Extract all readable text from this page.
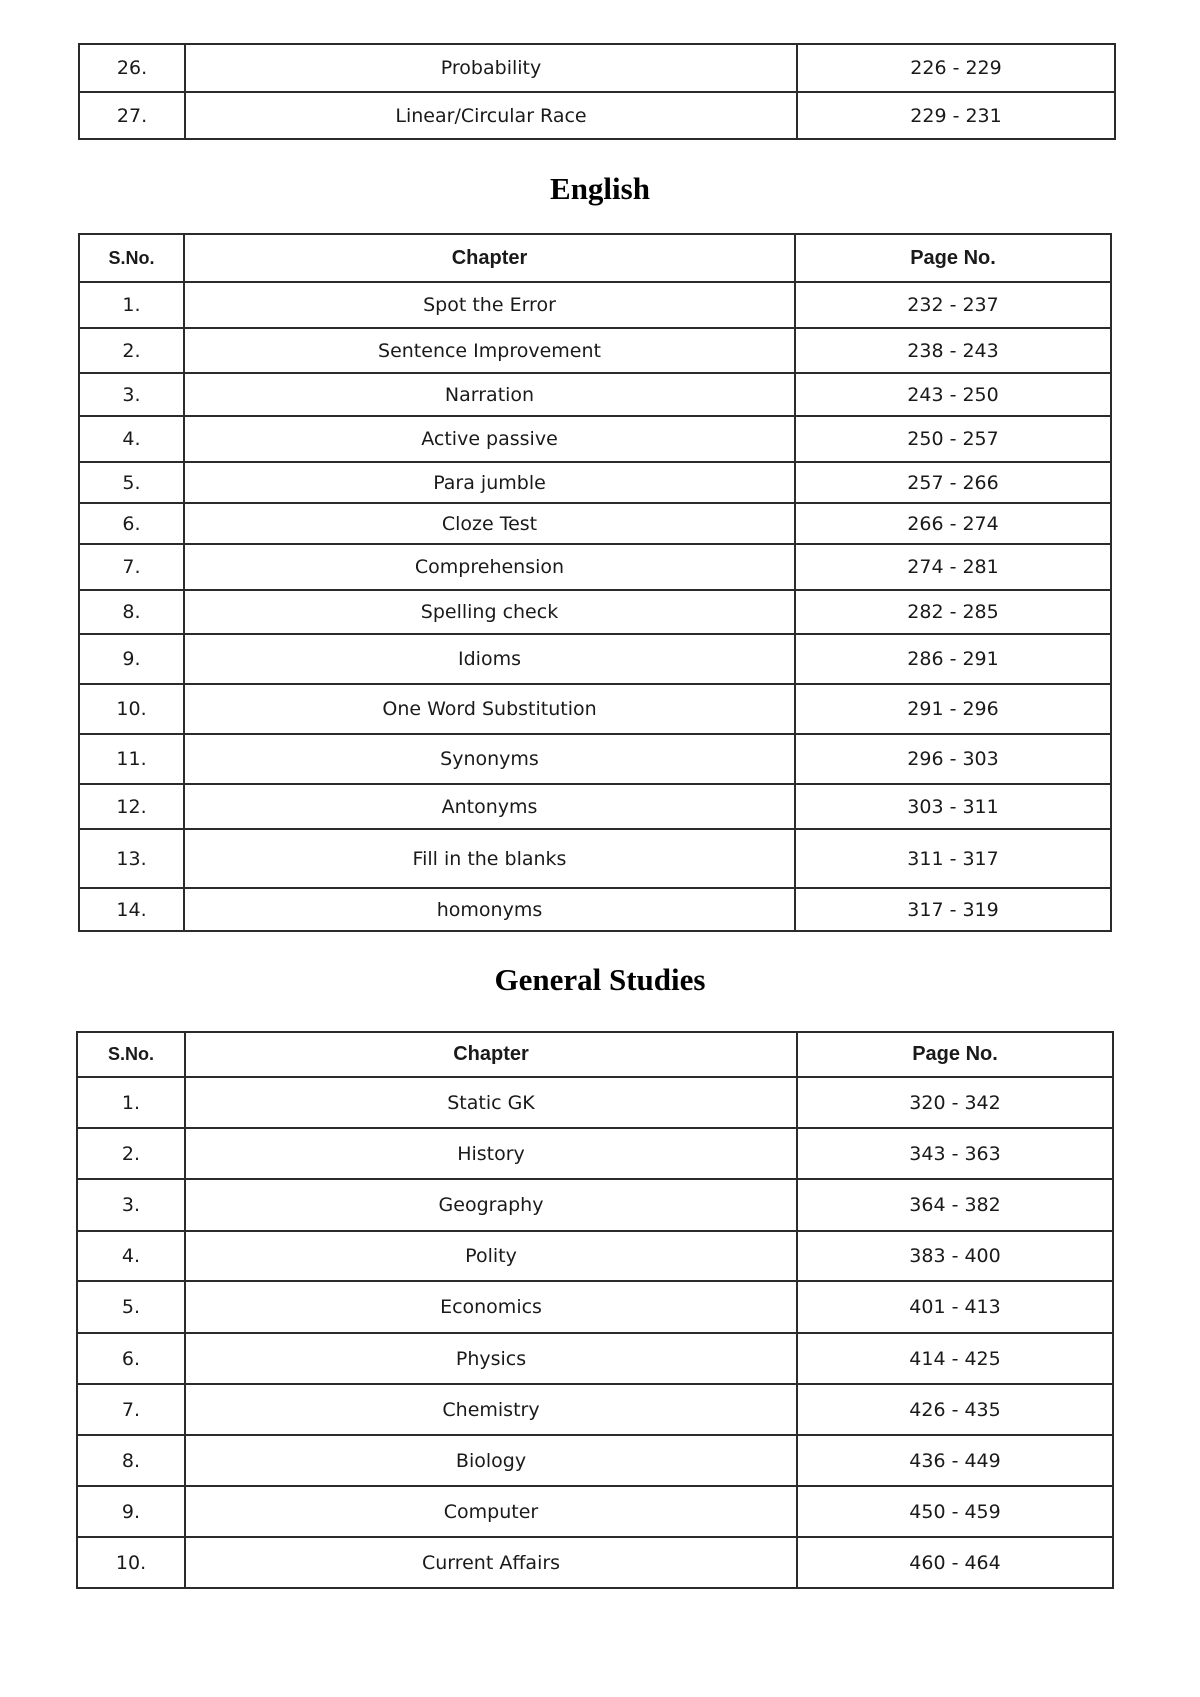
26.	Probability	226 - 229
27.	Linear/Circular Race	229 - 231
English
S.No.	Chapter	Page No.
1.	Spot the Error	232 - 237
2.	Sentence Improvement	238 - 243
3.	Narration	243 - 250
4.	Active passive	250 - 257
5.	Para jumble	257 - 266
6.	Cloze Test	266 - 274
7.	Comprehension	274 - 281
8.	Spelling check	282 - 285
9.	Idioms	286 - 291
10.	One Word Substitution	291 - 296
11.	Synonyms	296 - 303
12.	Antonyms	303 - 311
13.	Fill in the blanks	311 - 317
14.	homonyms	317 - 319
General Studies
S.No.	Chapter	Page No.
1.	Static GK	320 - 342
2.	History	343 - 363
3.	Geography	364 - 382
4.	Polity	383 - 400
5.	Economics	401 - 413
6.	Physics	414 - 425
7.	Chemistry	426 - 435
8.	Biology	436 - 449
9.	Computer	450 - 459
10.	Current Affairs	460 - 464
